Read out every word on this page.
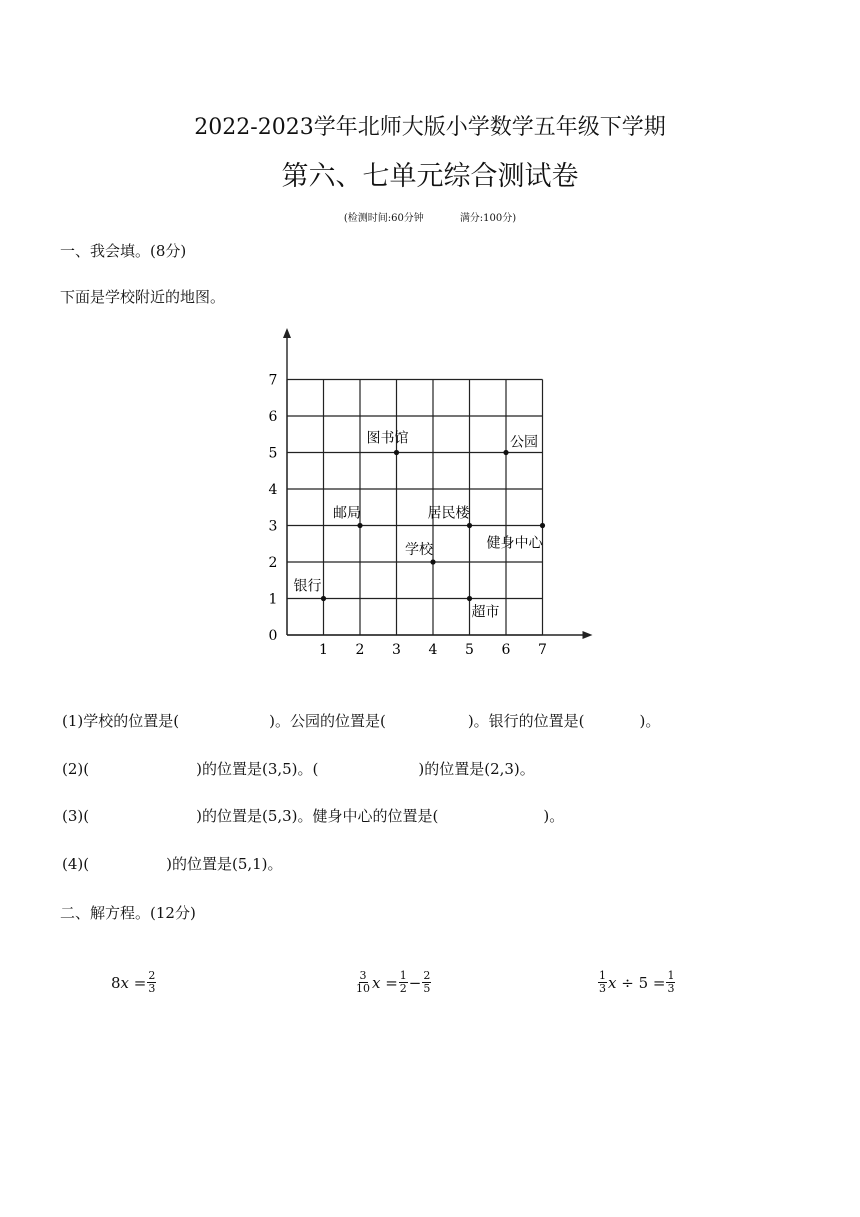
2022-2023学年北师大版小学数学五年级下学期
第六、七单元综合测试卷
(检测时间:60分钟	满分:100分)
一、我会填。(8分)
下面是学校附近的地图。
1 2 3 4 5 6 7
0
1
2
3
4
5
6
7
图书馆	公园
邮局	居民楼
健身中心
学校
银行
超市
(1)学校的位置是(	)。公园的位置是(	)。银行的位置是(	)。
(2)(	)的位置是(3,5)。(	)的位置是(2,3)。
(3)(	)的位置是(5,3)。健身中心的位置是(	)。
(4)(	)的位置是(5,1)。
二、解方程。(12分)
8𝑥 = $\frac{2}{3}$	$\frac{3}{10}$ 𝑥 = $\frac{1}{2} - \frac{2}{5}$	$\frac{1}{3}$ 𝑥 ÷ $5 = \frac{1}{3}$
